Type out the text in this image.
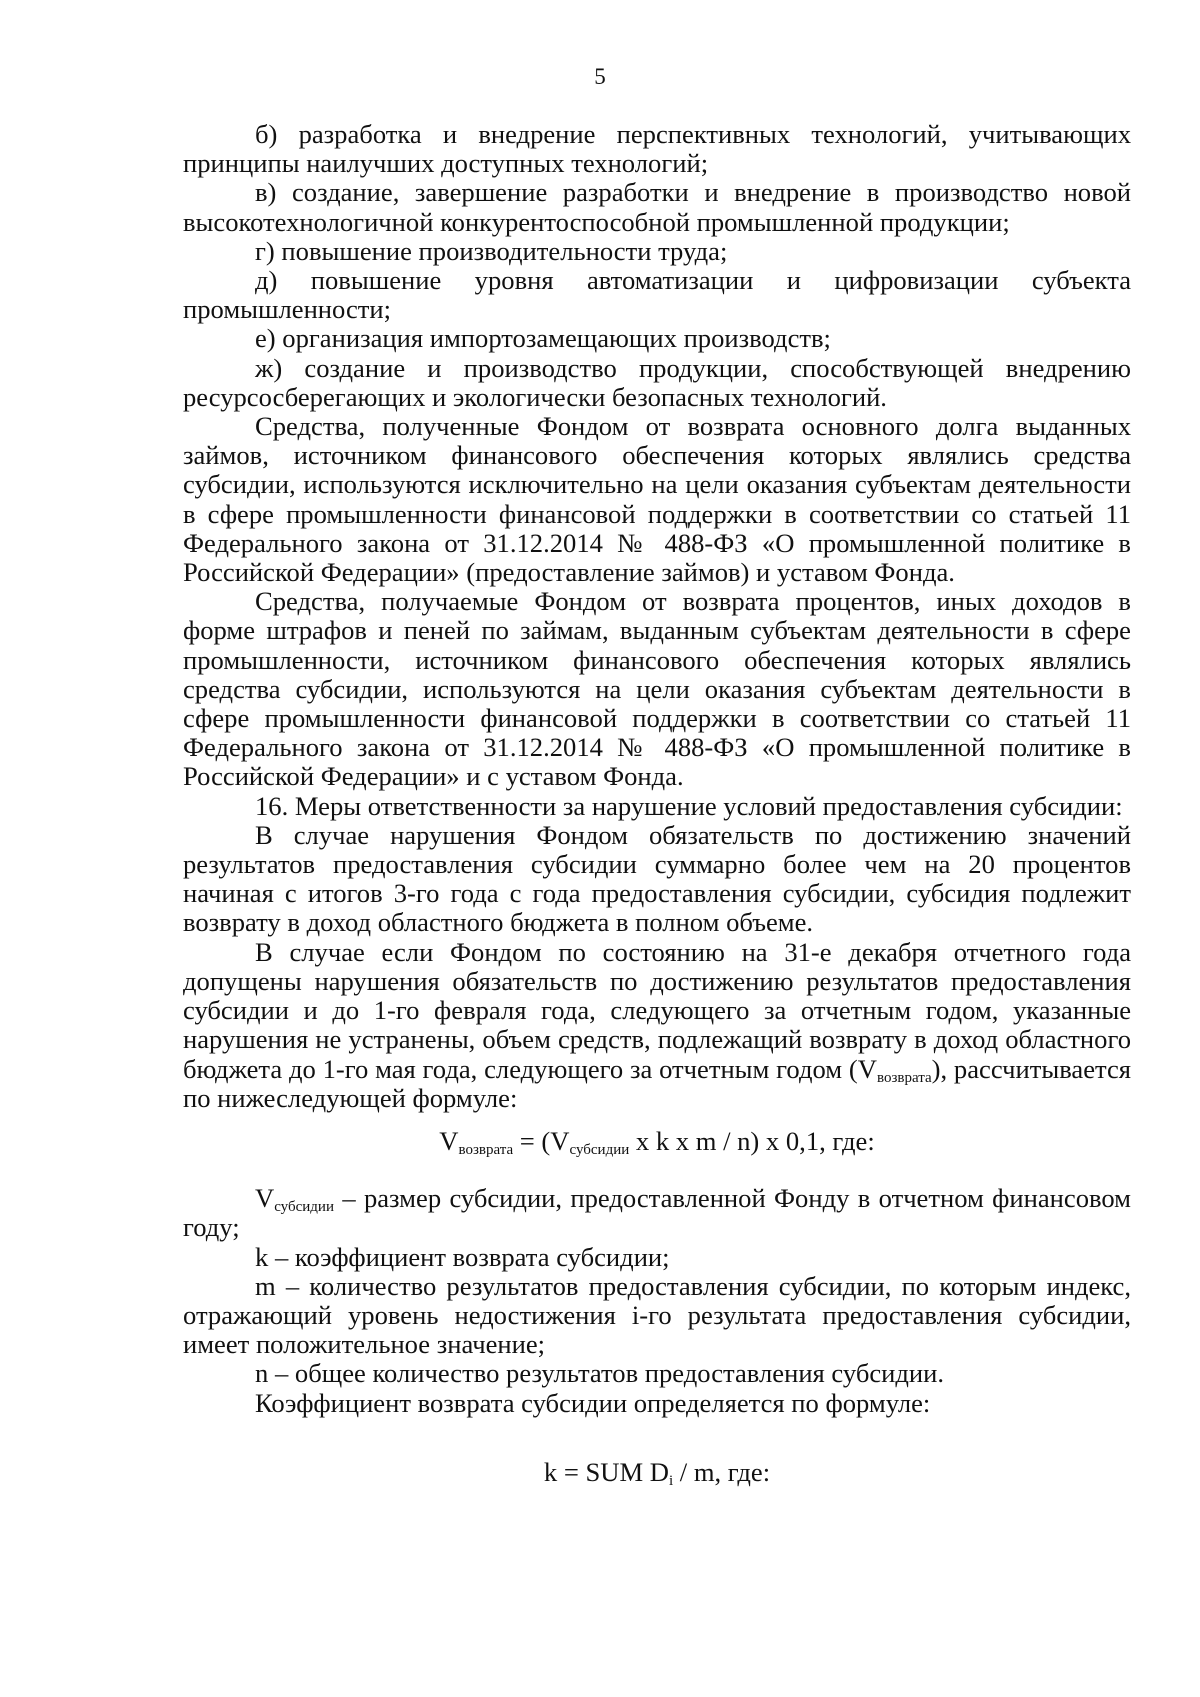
5

б) разработка и внедрение перспективных технологий, учитывающих принципы наилучших доступных технологий;

в) создание, завершение разработки и внедрение в производство новой высокотехнологичной конкурентоспособной промышленной продукции;

г) повышение производительности труда;

д) повышение уровня автоматизации и цифровизации субъекта промышленности;

е) организация импортозамещающих производств;

ж) создание и производство продукции, способствующей внедрению ресурсосберегающих и экологически безопасных технологий.

Средства, полученные Фондом от возврата основного долга выданных займов, источником финансового обеспечения которых являлись средства субсидии, используются исключительно на цели оказания субъектам деятельности в сфере промышленности финансовой поддержки в соответствии со статьей 11 Федерального закона от 31.12.2014 № 488-ФЗ «О промышленной политике в Российской Федерации» (предоставление займов) и уставом Фонда.

Средства, получаемые Фондом от возврата процентов, иных доходов в форме штрафов и пеней по займам, выданным субъектам деятельности в сфере промышленности, источником финансового обеспечения которых являлись средства субсидии, используются на цели оказания субъектам деятельности в сфере промышленности финансовой поддержки в соответствии со статьей 11 Федерального закона от 31.12.2014 № 488-ФЗ «О промышленной политике в Российской Федерации» и с уставом Фонда.

16. Меры ответственности за нарушение условий предоставления субсидии:

В случае нарушения Фондом обязательств по достижению значений результатов предоставления субсидии суммарно более чем на 20 процентов начиная с итогов 3-го года с года предоставления субсидии, субсидия подлежит возврату в доход областного бюджета в полном объеме.

В случае если Фондом по состоянию на 31-е декабря отчетного года допущены нарушения обязательств по достижению результатов предоставления субсидии и до 1-го февраля года, следующего за отчетным годом, указанные нарушения не устранены, объем средств, подлежащий возврату в доход областного бюджета до 1-го мая года, следующего за отчетным годом $(V_{возврата})$, рассчитывается по нижеследующей формуле:

$V_{возврата} = (V_{субсидии}$ x k x m / n) x 0,1, где:

$V_{субсидии}$ – размер субсидии, предоставленной Фонду в отчетном финансовом году;

k – коэффициент возврата субсидии;

m – количество результатов предоставления субсидии, по которым индекс, отражающий уровень недостижения i-го результата предоставления субсидии, имеет положительное значение;

n – общее количество результатов предоставления субсидии.

Коэффициент возврата субсидии определяется по формуле:

k = SUM $D_i$ / m, где:
